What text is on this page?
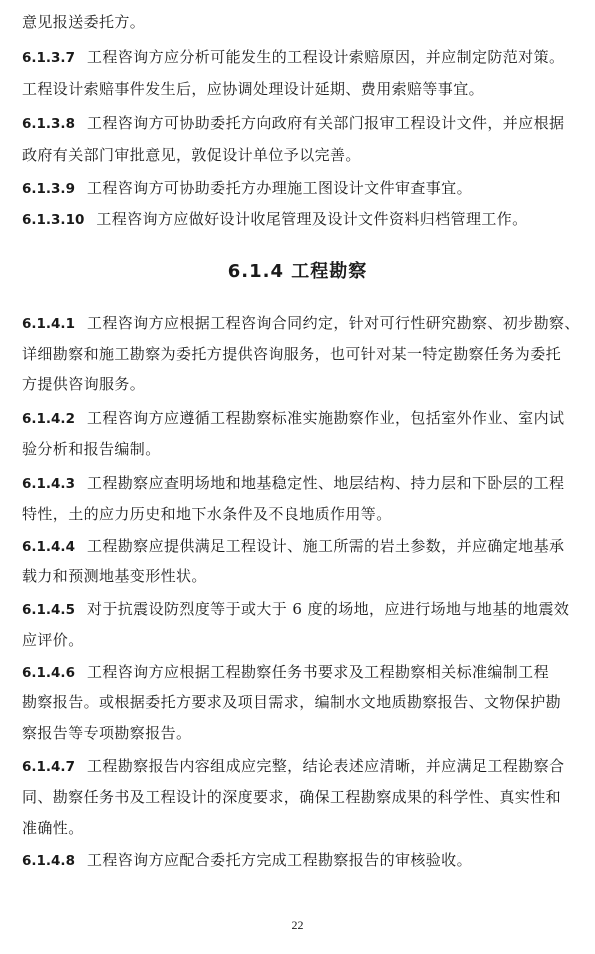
意见报送委托方。
6.1.3.7 工程咨询方应分析可能发生的工程设计索赔原因，并应制定防范对策。
工程设计索赔事件发生后，应协调处理设计延期、费用索赔等事宜。
6.1.3.8 工程咨询方可协助委托方向政府有关部门报审工程设计文件，并应根据
政府有关部门审批意见，敦促设计单位予以完善。
6.1.3.9 工程咨询方可协助委托方办理施工图设计文件审查事宜。
6.1.3.10 工程咨询方应做好设计收尾管理及设计文件资料归档管理工作。
6.1.4 工程勘察
6.1.4.1 工程咨询方应根据工程咨询合同约定，针对可行性研究勘察、初步勘察、
详细勘察和施工勘察为委托方提供咨询服务，也可针对某一特定勘察任务为委托
方提供咨询服务。
6.1.4.2 工程咨询方应遵循工程勘察标准实施勘察作业，包括室外作业、室内试
验分析和报告编制。
6.1.4.3 工程勘察应查明场地和地基稳定性、地层结构、持力层和下卧层的工程
特性，土的应力历史和地下水条件及不良地质作用等。
6.1.4.4 工程勘察应提供满足工程设计、施工所需的岩土参数，并应确定地基承
载力和预测地基变形性状。
6.1.4.5 对于抗震设防烈度等于或大于 6 度的场地，应进行场地与地基的地震效
应评价。
6.1.4.6 工程咨询方应根据工程勘察任务书要求及工程勘察相关标准编制工程
勘察报告。或根据委托方要求及项目需求，编制水文地质勘察报告、文物保护勘
察报告等专项勘察报告。
6.1.4.7 工程勘察报告内容组成应完整，结论表述应清晰，并应满足工程勘察合
同、勘察任务书及工程设计的深度要求，确保工程勘察成果的科学性、真实性和
准确性。
6.1.4.8 工程咨询方应配合委托方完成工程勘察报告的审核验收。
22
